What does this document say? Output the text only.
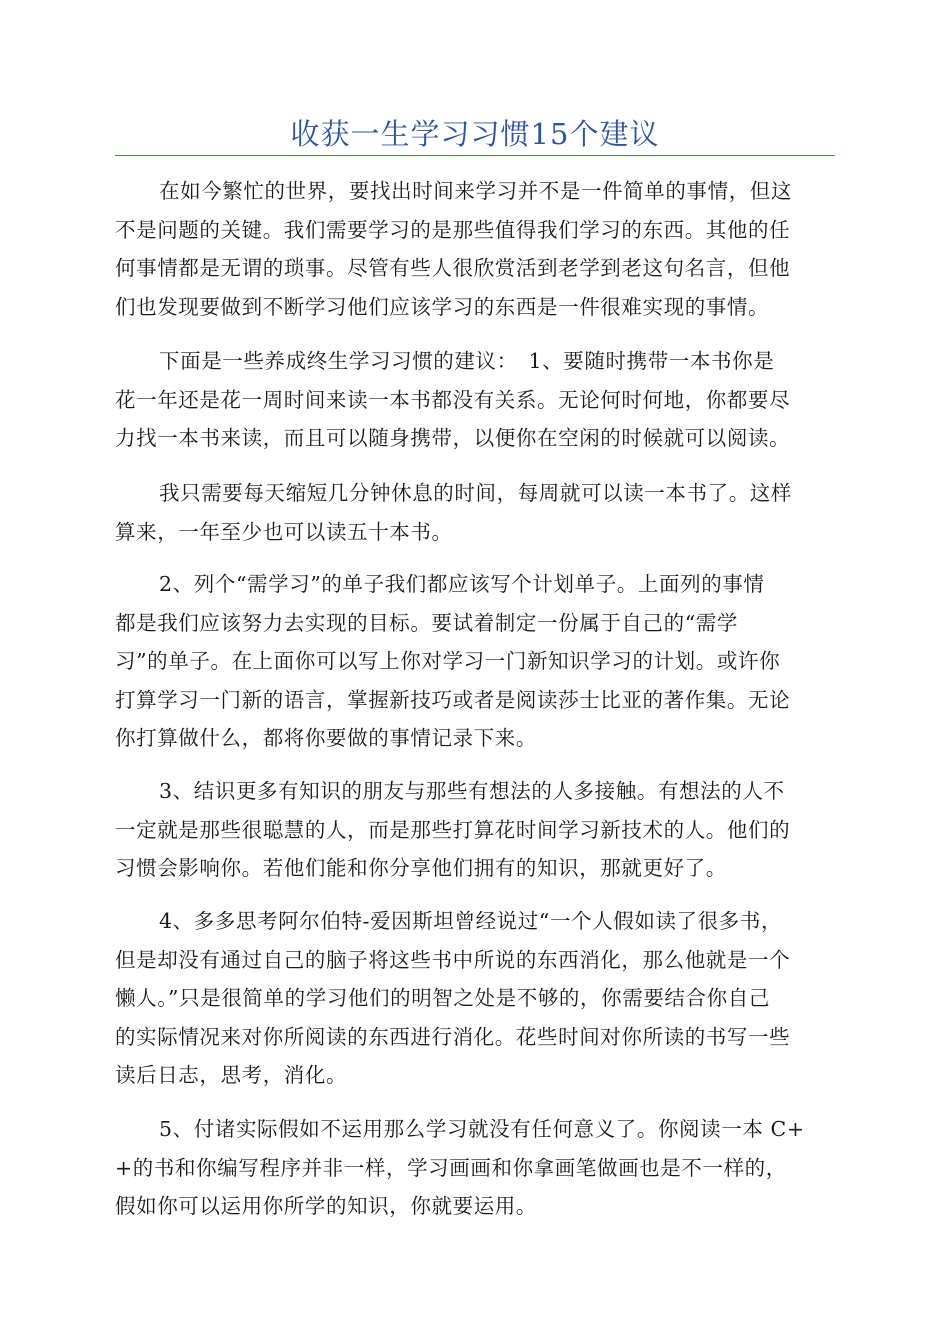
收获一生学习习惯15个建议

在如今繁忙的世界，要找出时间来学习并不是一件简单的事情，但这
不是问题的关键。我们需要学习的是那些值得我们学习的东西。其他的任
何事情都是无谓的琐事。尽管有些人很欣赏活到老学到老这句名言，但他
们也发现要做到不断学习他们应该学习的东西是一件很难实现的事情。

下面是一些养成终生学习习惯的建议：　1、要随时携带一本书你是
花一年还是花一周时间来读一本书都没有关系。无论何时何地，你都要尽
力找一本书来读，而且可以随身携带，以便你在空闲的时候就可以阅读。

我只需要每天缩短几分钟休息的时间，每周就可以读一本书了。这样
算来，一年至少也可以读五十本书。

2、列个“需学习”的单子我们都应该写个计划单子。上面列的事情
都是我们应该努力去实现的目标。要试着制定一份属于自己的“需学
习”的单子。在上面你可以写上你对学习一门新知识学习的计划。或许你
打算学习一门新的语言，掌握新技巧或者是阅读莎士比亚的著作集。无论
你打算做什么，都将你要做的事情记录下来。

3、结识更多有知识的朋友与那些有想法的人多接触。有想法的人不
一定就是那些很聪慧的人，而是那些打算花时间学习新技术的人。他们的
习惯会影响你。若他们能和你分享他们拥有的知识，那就更好了。

4、多多思考阿尔伯特-爱因斯坦曾经说过“一个人假如读了很多书，
但是却没有通过自己的脑子将这些书中所说的东西消化，那么他就是一个
懒人。”只是很简单的学习他们的明智之处是不够的，你需要结合你自己
的实际情况来对你所阅读的东西进行消化。花些时间对你所读的书写一些
读后日志，思考，消化。

5、付诸实际假如不运用那么学习就没有任何意义了。你阅读一本 C+
+的书和你编写程序并非一样，学习画画和你拿画笔做画也是不一样的，
假如你可以运用你所学的知识，你就要运用。
